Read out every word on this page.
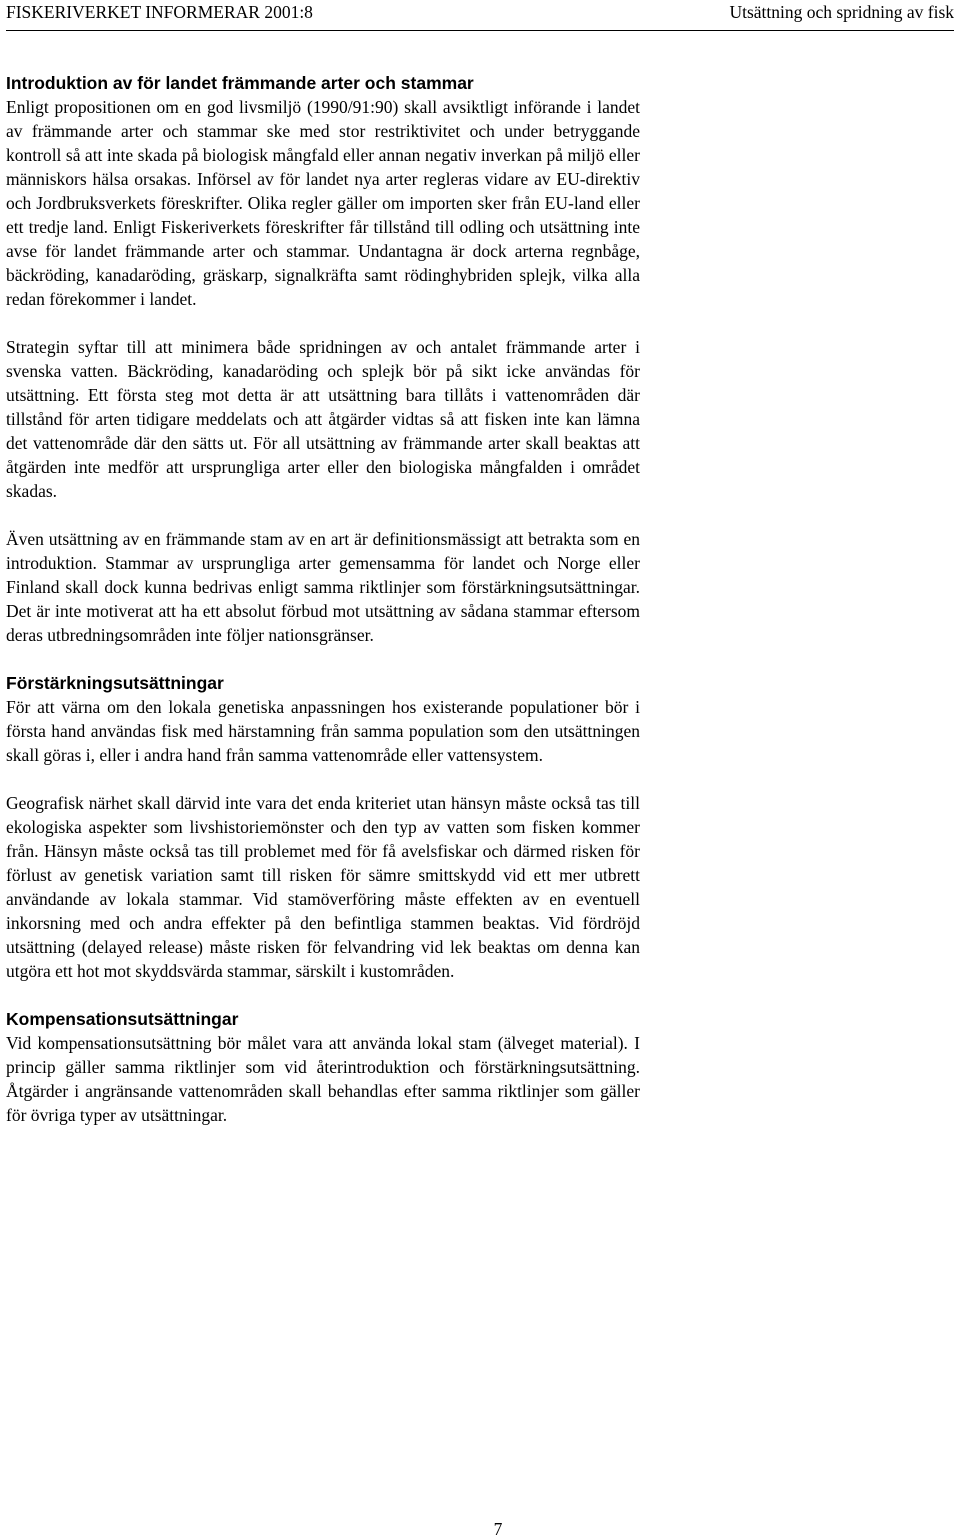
FISKERIVERKET INFORMERAR 2001:8	Utsättning och spridning av fisk
Introduktion av för landet främmande arter och stammar

Enligt propositionen om en god livsmiljö (1990/91:90) skall avsiktligt införande i landet av främmande arter och stammar ske med stor restriktivitet och under betryggande kontroll så att inte skada på biologisk mångfald eller annan negativ inverkan på miljö eller människors hälsa orsakas. Införsel av för landet nya arter regleras vidare av EU-direktiv och Jordbruksverkets föreskrifter. Olika regler gäller om importen sker från EU-land eller ett tredje land. Enligt Fiskeriverkets föreskrifter får tillstånd till odling och utsättning inte avse för landet främmande arter och stammar. Undantagna är dock arterna regnbåge, bäckröding, kanadaröding, gräskarp, signalkräfta samt rödinghybriden splejk, vilka alla redan förekommer i landet.

Strategin syftar till att minimera både spridningen av och antalet främmande arter i svenska vatten. Bäckröding, kanadaröding och splejk bör på sikt icke användas för utsättning. Ett första steg mot detta är att utsättning bara tillåts i vattenområden där tillstånd för arten tidigare meddelats och att åtgärder vidtas så att fisken inte kan lämna det vattenområde där den sätts ut. För all utsättning av främmande arter skall beaktas att åtgärden inte medför att ursprungliga arter eller den biologiska mångfalden i området skadas.

Även utsättning av en främmande stam av en art är definitionsmässigt att betrakta som en introduktion. Stammar av ursprungliga arter gemensamma för landet och Norge eller Finland skall dock kunna bedrivas enligt samma riktlinjer som förstärkningsutsättningar. Det är inte motiverat att ha ett absolut förbud mot utsättning av sådana stammar eftersom deras utbredningsområden inte följer nationsgränser.

Förstärkningsutsättningar

För att värna om den lokala genetiska anpassningen hos existerande populationer bör i första hand användas fisk med härstamning från samma population som den utsättningen skall göras i, eller i andra hand från samma vattenområde eller vattensystem.

Geografisk närhet skall därvid inte vara det enda kriteriet utan hänsyn måste också tas till ekologiska aspekter som livshistoriemönster och den typ av vatten som fisken kommer från. Hänsyn måste också tas till problemet med för få avelsfiskar och därmed risken för förlust av genetisk variation samt till risken för sämre smittskydd vid ett mer utbrett användande av lokala stammar. Vid stamöverföring måste effekten av en eventuell inkorsning med och andra effekter på den befintliga stammen beaktas. Vid fördröjd utsättning (delayed release) måste risken för felvandring vid lek beaktas om denna kan utgöra ett hot mot skyddsvärda stammar, särskilt i kustområden.

Kompensationsutsättningar

Vid kompensationsutsättning bör målet vara att använda lokal stam (älveget material). I princip gäller samma riktlinjer som vid återintroduktion och förstärkningsutsättning. Åtgärder i angränsande vattenområden skall behandlas efter samma riktlinjer som gäller för övriga typer av utsättningar.

7
